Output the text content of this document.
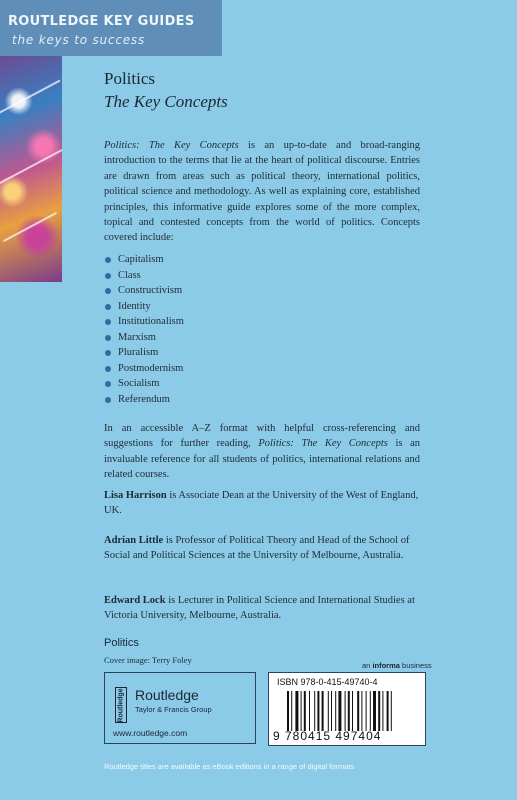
ROUTLEDGE KEY GUIDES
the keys to success
Politics
The Key Concepts

Politics: The Key Concepts is an up-to-date and broad-ranging introduction to the terms that lie at the heart of political discourse. Entries are drawn from areas such as political theory, international politics, political science and methodology. As well as explaining core, established principles, this informative guide explores some of the more complex, topical and contested concepts from the world of politics. Concepts covered include:

Capitalism
Class
Constructivism
Identity
Institutionalism
Marxism
Pluralism
Postmodernism
Socialism
Referendum

In an accessible A–Z format with helpful cross-referencing and suggestions for further reading, Politics: The Key Concepts is an invaluable reference for all students of politics, international relations and related courses.

Lisa Harrison is Associate Dean at the University of the West of England, UK.

Adrian Little is Professor of Political Theory and Head of the School of Social and Political Sciences at the University of Melbourne, Australia.

Edward Lock is Lecturer in Political Science and International Studies at Victoria University, Melbourne, Australia.

Politics
Cover image: Terry Foley
an informa business
Routledge Routledge
Taylor & Francis Group
www.routledge.com
ISBN 978-0-415-49740-4
9 780415 497404
Routledge titles are available as eBook editions in a range of digital formats
